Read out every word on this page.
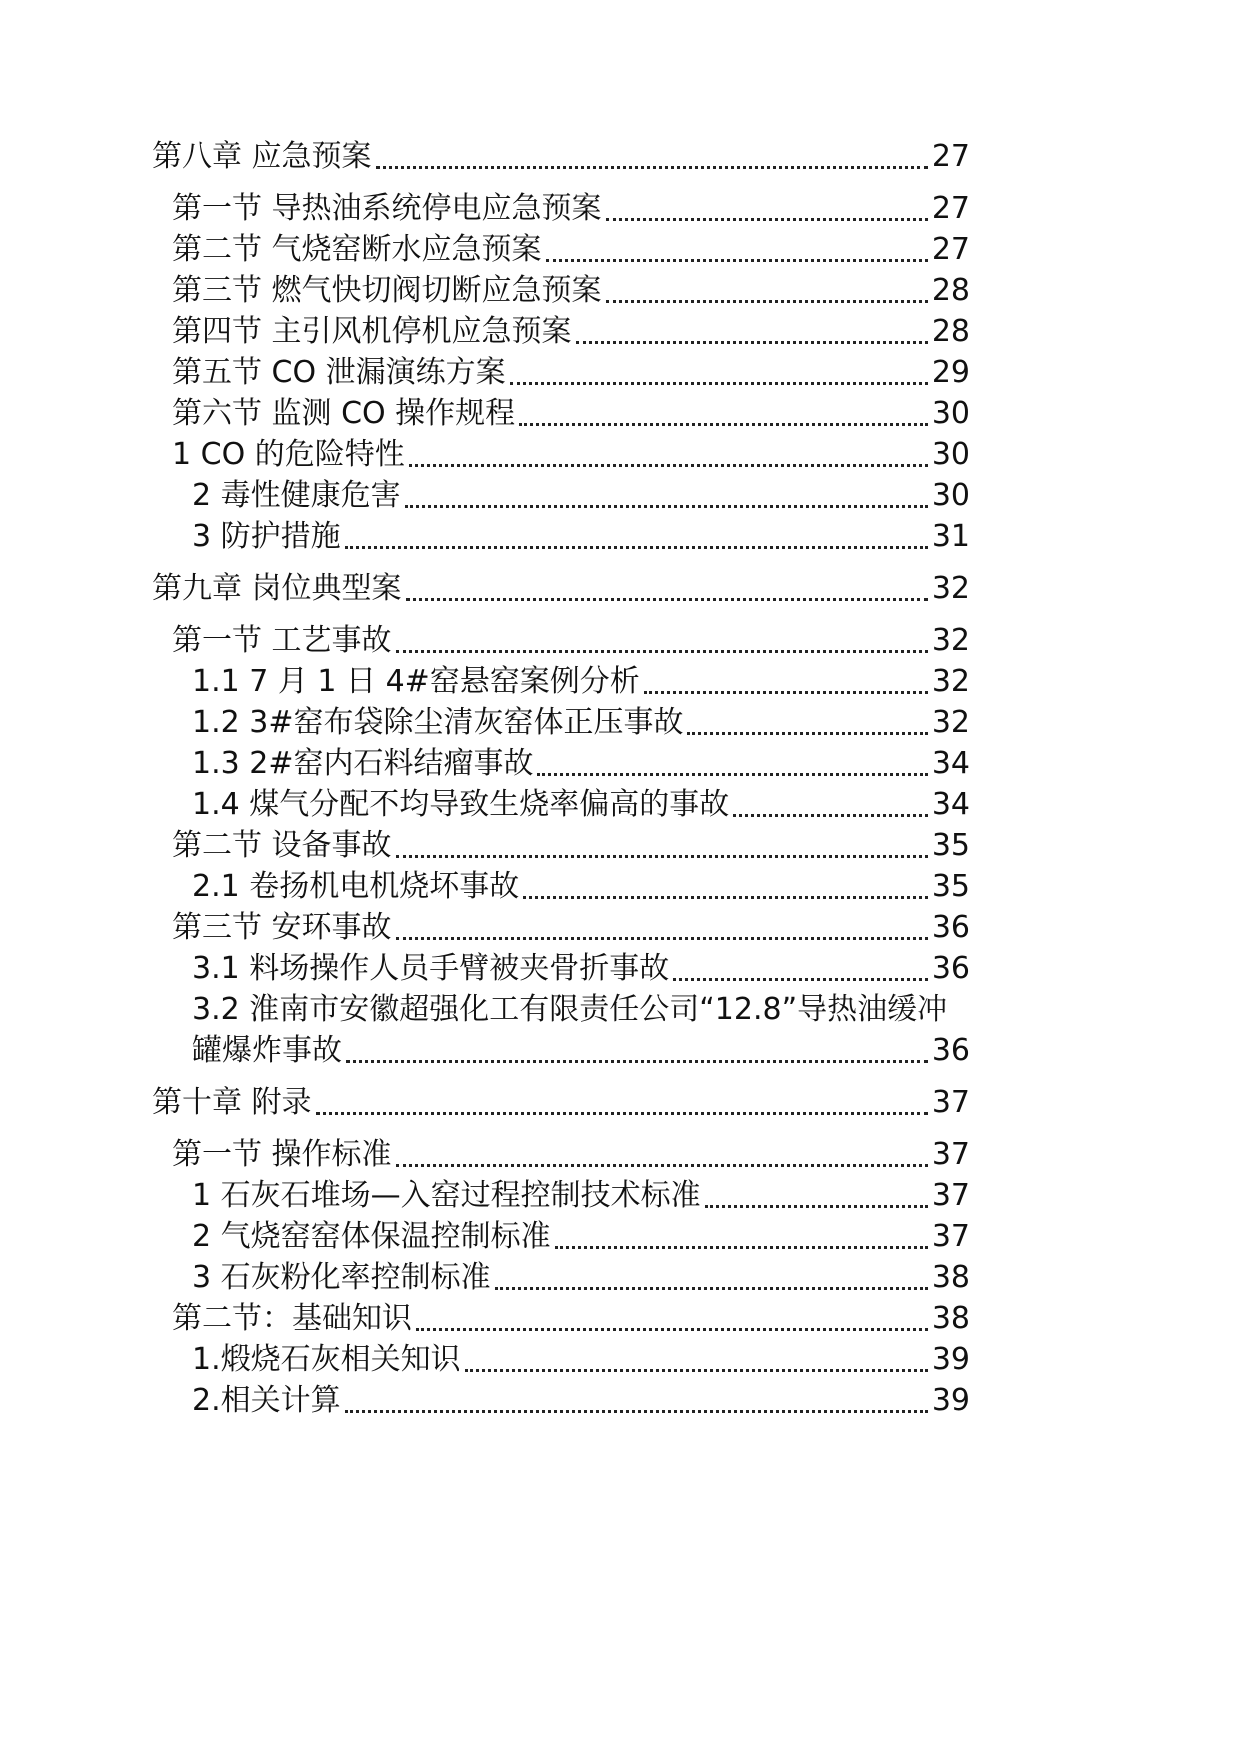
第八章 应急预案	27
第一节 导热油系统停电应急预案	27
第二节 气烧窑断水应急预案	27
第三节 燃气快切阀切断应急预案	28
第四节 主引风机停机应急预案	28
第五节 CO 泄漏演练方案	29
第六节 监测 CO 操作规程	30
1 CO 的危险特性	30
2 毒性健康危害	30
3 防护措施	31
第九章 岗位典型案	32
第一节 工艺事故	32
1.1 7 月 1 日 4#窑悬窑案例分析	32
1.2 3#窑布袋除尘清灰窑体正压事故	32
1.3 2#窑内石料结瘤事故	34
1.4 煤气分配不均导致生烧率偏高的事故	34
第二节 设备事故	35
2.1 卷扬机电机烧坏事故	35
第三节 安环事故	36
3.1 料场操作人员手臂被夹骨折事故	36
3.2 淮南市安徽超强化工有限责任公司“12.8”导热油缓冲
罐爆炸事故	36
第十章 附录	37
第一节 操作标准	37
1 石灰石堆场—入窑过程控制技术标准	37
2 气烧窑窑体保温控制标准	37
3 石灰粉化率控制标准	38
第二节：基础知识	38
1.煅烧石灰相关知识	39
2.相关计算	39
